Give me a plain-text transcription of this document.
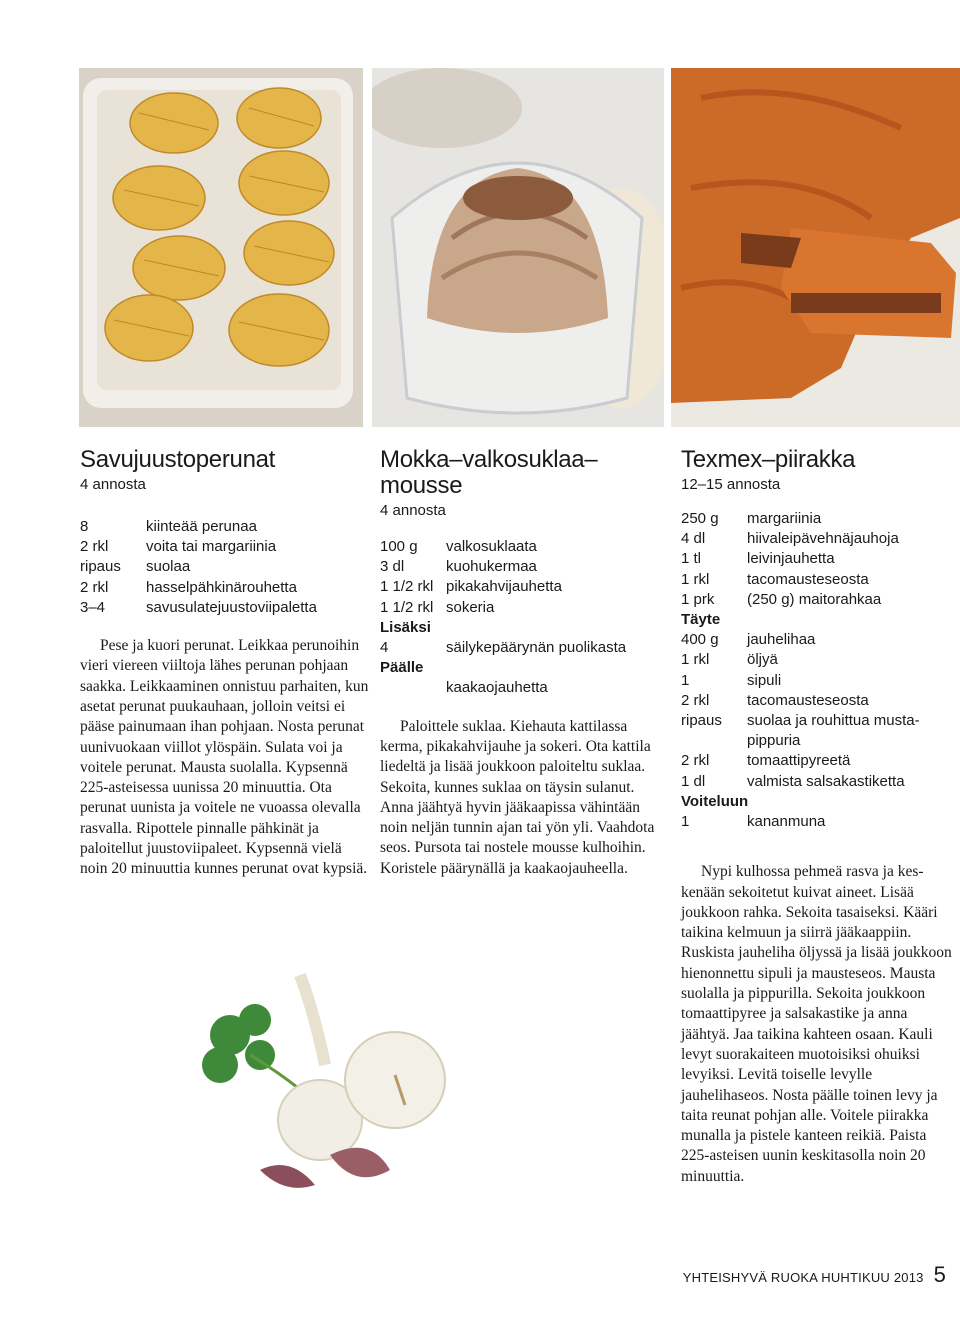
Savujuustoperunat
4 annosta
8	kiinteää perunaa
2 rkl	voita tai margariinia
ripaus	suolaa
2 rkl	hasselpähkinärouhetta
3–4	savusulatejuustoviipaletta

Pese ja kuori perunat. Leikkaa perunoihin vieri viereen viiltoja lähes perunan pohjaan saakka. Leikkaaminen onnistuu parhaiten, kun asetat perunat puukauhaan, jolloin veitsi ei pääse painumaan ihan pohjaan. Nosta perunat uunivuokaan viillot ylöspäin. Sulata voi ja voitele perunat. Mausta suolalla. Kypsennä 225-asteisessa uunissa 20 minuuttia. Ota perunat uunista ja voitele ne vuoassa olevalla rasvalla. Ripottele pinnalle pähkinät ja paloitellut juustoviipaleet. Kypsennä vielä noin 20 minuuttia kunnes perunat ovat kypsiä.

Mokka–valkosuklaa–
mousse
4 annosta
100 g	valkosuklaata
3 dl	kuohukermaa
1 1/2 rkl	pikakahvijauhetta
1 1/2 rkl	sokeria
Lisäksi	
4	säilykepäärynän puolikasta
Päälle	
	kaakaojauhetta

Paloittele suklaa. Kiehauta kattilassa kerma, pikakahvijauhe ja sokeri. Ota kattila liedeltä ja lisää joukkoon paloiteltu suklaa. Sekoita, kunnes suklaa on täysin sulanut. Anna jäähtyä hyvin jääkaapissa vähintään noin neljän tunnin ajan tai yön yli. Vaahdota seos. Pursota tai nostele mousse kulhoihin. Koristele päärynällä ja kaakaojauheella.

Texmex–piirakka
12–15 annosta
250 g	margariinia
4 dl	hiivaleipävehnäjauhoja
1 tl	leivinjauhetta
1 rkl	tacomausteseosta
1 prk	(250 g) maitorahkaa
Täyte	
400 g	jauhelihaa
1 rkl	öljyä
1	sipuli
2 rkl	tacomausteseosta
ripaus	suolaa ja rouhittua mustapippuria
2 rkl	tomaattipyreetä
1 dl	valmista salsakastiketta
Voiteluun	
1	kananmuna

Nypi kulhossa pehmeä rasva ja keskenään sekoitetut kuivat aineet. Lisää joukkoon rahka. Sekoita tasaiseksi. Kääri taikina kelmuun ja siirrä jääkaappiin. Ruskista jauheliha öljyssä ja lisää joukkoon hienonnettu sipuli ja mausteseos. Mausta suolalla ja pippurilla. Sekoita joukkoon tomaattipyree ja salsakastike ja anna jäähtyä. Jaa taikina kahteen osaan. Kauli levyt suorakaiteen muotoisiksi ohuiksi levyiksi. Levitä toiselle levylle jauhelihaseos. Nosta päälle toinen levy ja taita reunat pohjan alle. Voitele piirakka munalla ja pistele kanteen reikiä. Paista 225-asteisen uunin keskitasolla noin 20 minuuttia.

YHTEISHYVÄ RUOKA HUHTIKUU 2013 5
